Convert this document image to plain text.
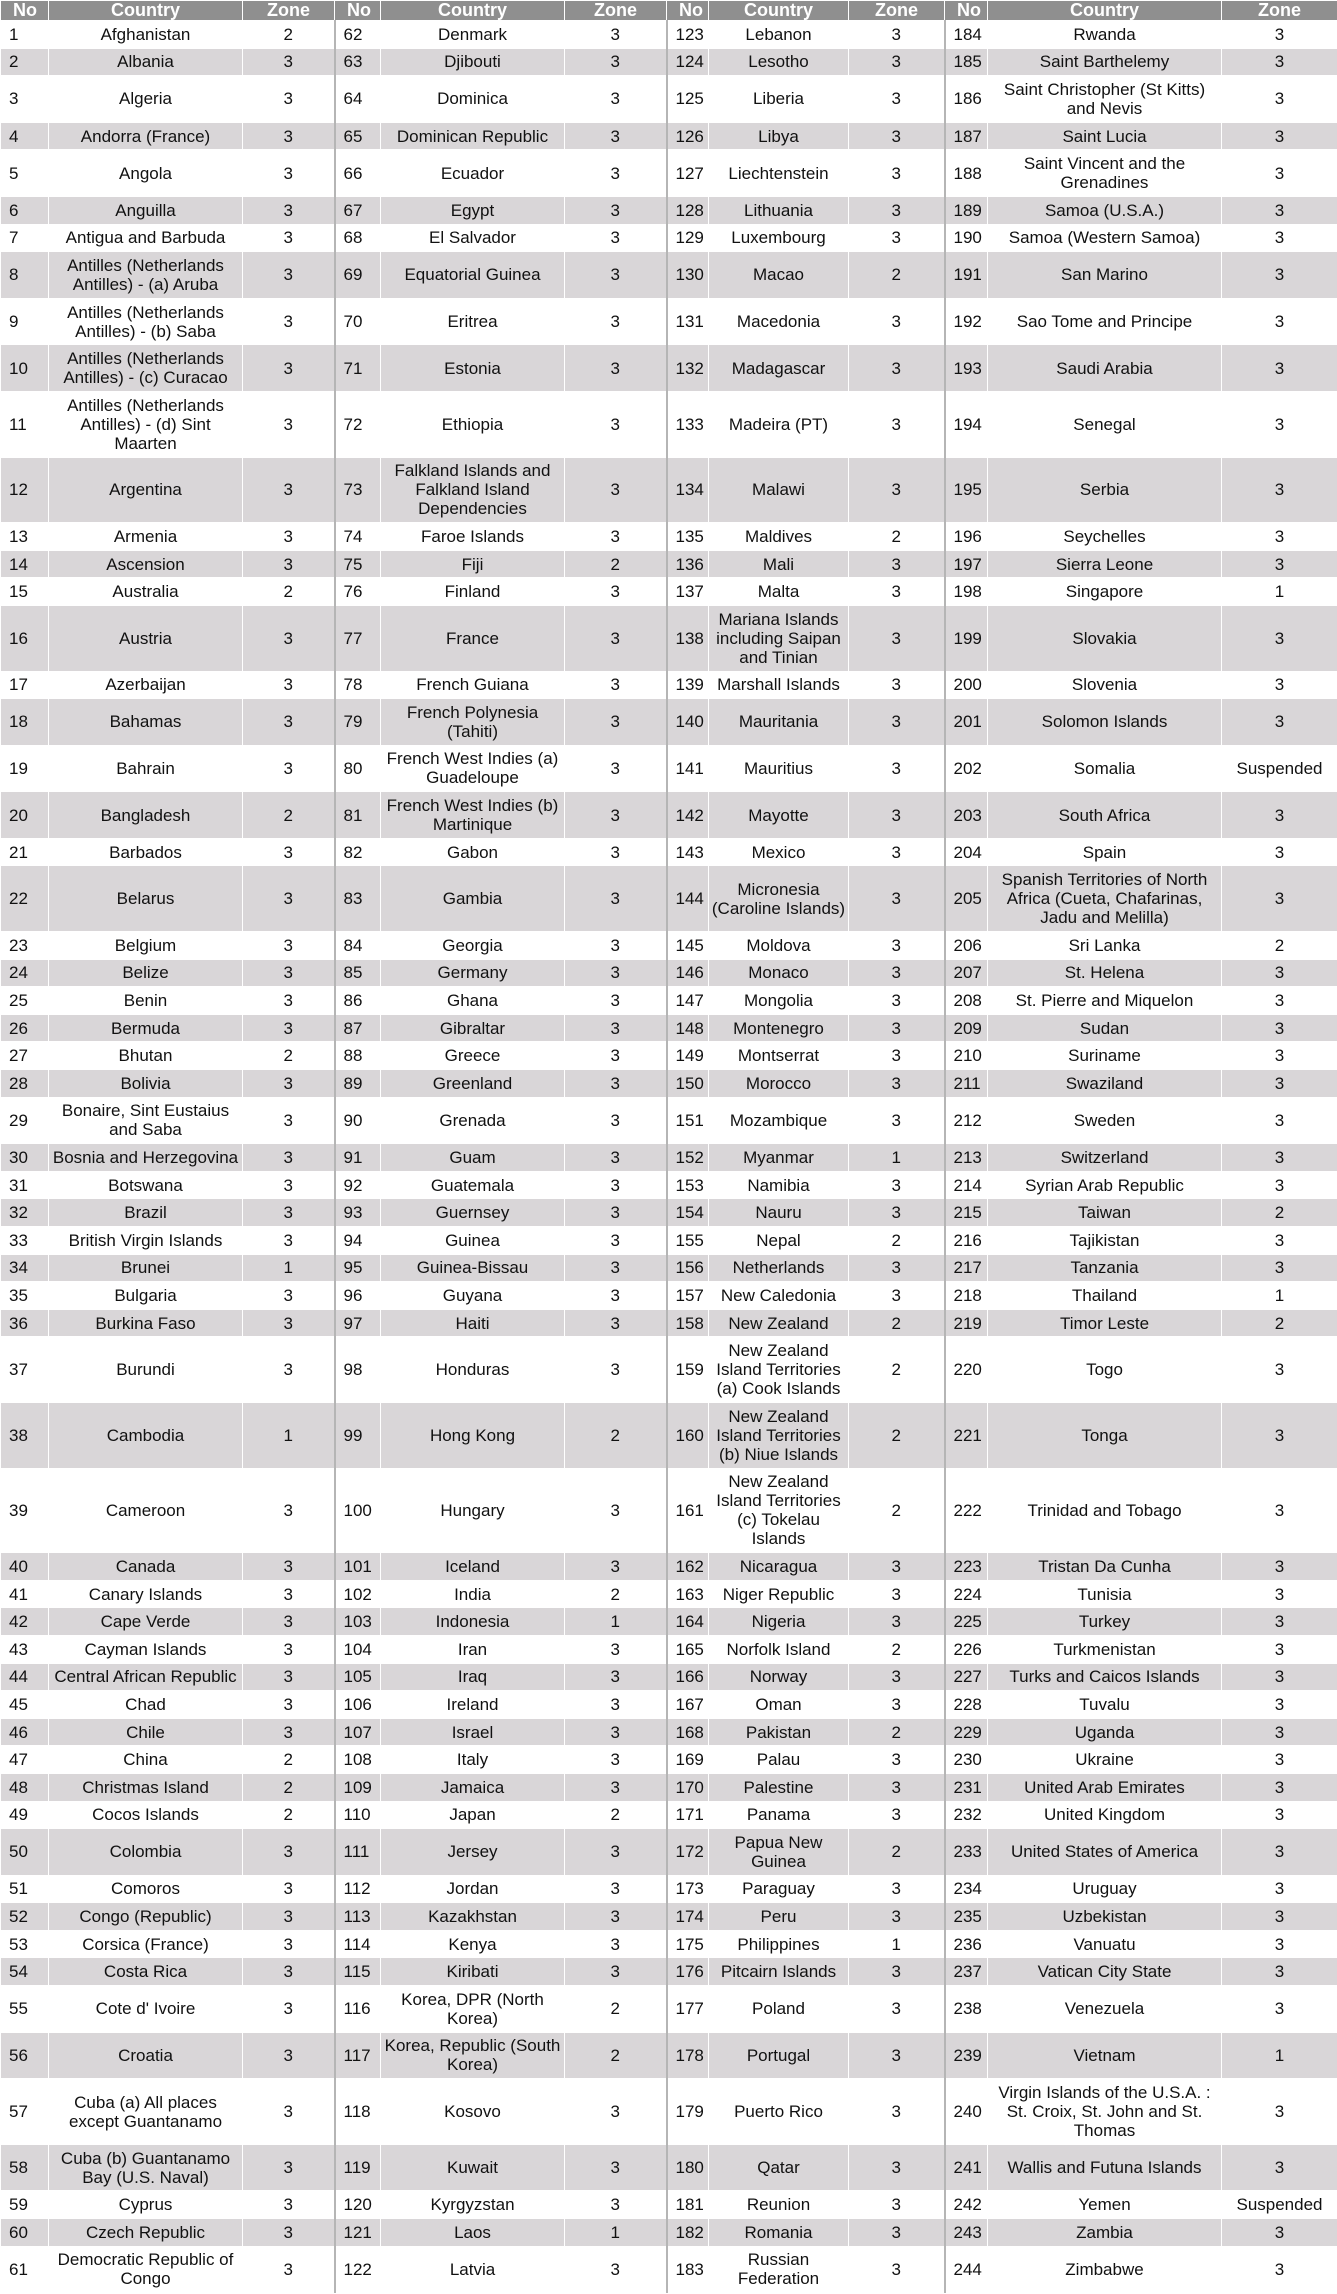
No	Country	Zone	No	Country	Zone	No	Country	Zone	No	Country	Zone
1	Afghanistan	2	62	Denmark	3	123	Lebanon	3	184	Rwanda	3
2	Albania	3	63	Djibouti	3	124	Lesotho	3	185	Saint Barthelemy	3
3	Algeria	3	64	Dominica	3	125	Liberia	3	186	Saint Christopher (St Kitts) and Nevis	3
4	Andorra (France)	3	65	Dominican Republic	3	126	Libya	3	187	Saint Lucia	3
5	Angola	3	66	Ecuador	3	127	Liechtenstein	3	188	Saint Vincent and the Grenadines	3
6	Anguilla	3	67	Egypt	3	128	Lithuania	3	189	Samoa (U.S.A.)	3
7	Antigua and Barbuda	3	68	El Salvador	3	129	Luxembourg	3	190	Samoa (Western Samoa)	3
8	Antilles (Netherlands Antilles) - (a) Aruba	3	69	Equatorial Guinea	3	130	Macao	2	191	San Marino	3
9	Antilles (Netherlands Antilles) - (b) Saba	3	70	Eritrea	3	131	Macedonia	3	192	Sao Tome and Principe	3
10	Antilles (Netherlands Antilles) - (c) Curacao	3	71	Estonia	3	132	Madagascar	3	193	Saudi Arabia	3
11	Antilles (Netherlands Antilles) - (d) Sint Maarten	3	72	Ethiopia	3	133	Madeira (PT)	3	194	Senegal	3
12	Argentina	3	73	Falkland Islands and Falkland Island Dependencies	3	134	Malawi	3	195	Serbia	3
13	Armenia	3	74	Faroe Islands	3	135	Maldives	2	196	Seychelles	3
14	Ascension	3	75	Fiji	2	136	Mali	3	197	Sierra Leone	3
15	Australia	2	76	Finland	3	137	Malta	3	198	Singapore	1
16	Austria	3	77	France	3	138	Mariana Islands including Saipan and Tinian	3	199	Slovakia	3
17	Azerbaijan	3	78	French Guiana	3	139	Marshall Islands	3	200	Slovenia	3
18	Bahamas	3	79	French Polynesia (Tahiti)	3	140	Mauritania	3	201	Solomon Islands	3
19	Bahrain	3	80	French West Indies (a) Guadeloupe	3	141	Mauritius	3	202	Somalia	Suspended
20	Bangladesh	2	81	French West Indies (b) Martinique	3	142	Mayotte	3	203	South Africa	3
21	Barbados	3	82	Gabon	3	143	Mexico	3	204	Spain	3
22	Belarus	3	83	Gambia	3	144	Micronesia (Caroline Islands)	3	205	Spanish Territories of North Africa (Cueta, Chafarinas, Jadu and Melilla)	3
23	Belgium	3	84	Georgia	3	145	Moldova	3	206	Sri Lanka	2
24	Belize	3	85	Germany	3	146	Monaco	3	207	St. Helena	3
25	Benin	3	86	Ghana	3	147	Mongolia	3	208	St. Pierre and Miquelon	3
26	Bermuda	3	87	Gibraltar	3	148	Montenegro	3	209	Sudan	3
27	Bhutan	2	88	Greece	3	149	Montserrat	3	210	Suriname	3
28	Bolivia	3	89	Greenland	3	150	Morocco	3	211	Swaziland	3
29	Bonaire, Sint Eustaius and Saba	3	90	Grenada	3	151	Mozambique	3	212	Sweden	3
30	Bosnia and Herzegovina	3	91	Guam	3	152	Myanmar	1	213	Switzerland	3
31	Botswana	3	92	Guatemala	3	153	Namibia	3	214	Syrian Arab Republic	3
32	Brazil	3	93	Guernsey	3	154	Nauru	3	215	Taiwan	2
33	British Virgin Islands	3	94	Guinea	3	155	Nepal	2	216	Tajikistan	3
34	Brunei	1	95	Guinea-Bissau	3	156	Netherlands	3	217	Tanzania	3
35	Bulgaria	3	96	Guyana	3	157	New Caledonia	3	218	Thailand	1
36	Burkina Faso	3	97	Haiti	3	158	New Zealand	2	219	Timor Leste	2
37	Burundi	3	98	Honduras	3	159	New Zealand Island Territories (a) Cook Islands	2	220	Togo	3
38	Cambodia	1	99	Hong Kong	2	160	New Zealand Island Territories (b) Niue Islands	2	221	Tonga	3
39	Cameroon	3	100	Hungary	3	161	New Zealand Island Territories (c) Tokelau Islands	2	222	Trinidad and Tobago	3
40	Canada	3	101	Iceland	3	162	Nicaragua	3	223	Tristan Da Cunha	3
41	Canary Islands	3	102	India	2	163	Niger Republic	3	224	Tunisia	3
42	Cape Verde	3	103	Indonesia	1	164	Nigeria	3	225	Turkey	3
43	Cayman Islands	3	104	Iran	3	165	Norfolk Island	2	226	Turkmenistan	3
44	Central African Republic	3	105	Iraq	3	166	Norway	3	227	Turks and Caicos Islands	3
45	Chad	3	106	Ireland	3	167	Oman	3	228	Tuvalu	3
46	Chile	3	107	Israel	3	168	Pakistan	2	229	Uganda	3
47	China	2	108	Italy	3	169	Palau	3	230	Ukraine	3
48	Christmas Island	2	109	Jamaica	3	170	Palestine	3	231	United Arab Emirates	3
49	Cocos Islands	2	110	Japan	2	171	Panama	3	232	United Kingdom	3
50	Colombia	3	111	Jersey	3	172	Papua New Guinea	2	233	United States of America	3
51	Comoros	3	112	Jordan	3	173	Paraguay	3	234	Uruguay	3
52	Congo (Republic)	3	113	Kazakhstan	3	174	Peru	3	235	Uzbekistan	3
53	Corsica (France)	3	114	Kenya	3	175	Philippines	1	236	Vanuatu	3
54	Costa Rica	3	115	Kiribati	3	176	Pitcairn Islands	3	237	Vatican City State	3
55	Cote d' Ivoire	3	116	Korea, DPR (North Korea)	2	177	Poland	3	238	Venezuela	3
56	Croatia	3	117	Korea, Republic (South Korea)	2	178	Portugal	3	239	Vietnam	1
57	Cuba (a) All places except Guantanamo	3	118	Kosovo	3	179	Puerto Rico	3	240	Virgin Islands of the U.S.A. : St. Croix, St. John and St. Thomas	3
58	Cuba (b) Guantanamo Bay (U.S. Naval)	3	119	Kuwait	3	180	Qatar	3	241	Wallis and Futuna Islands	3
59	Cyprus	3	120	Kyrgyzstan	3	181	Reunion	3	242	Yemen	Suspended
60	Czech Republic	3	121	Laos	1	182	Romania	3	243	Zambia	3
61	Democratic Republic of Congo	3	122	Latvia	3	183	Russian Federation	3	244	Zimbabwe	3
